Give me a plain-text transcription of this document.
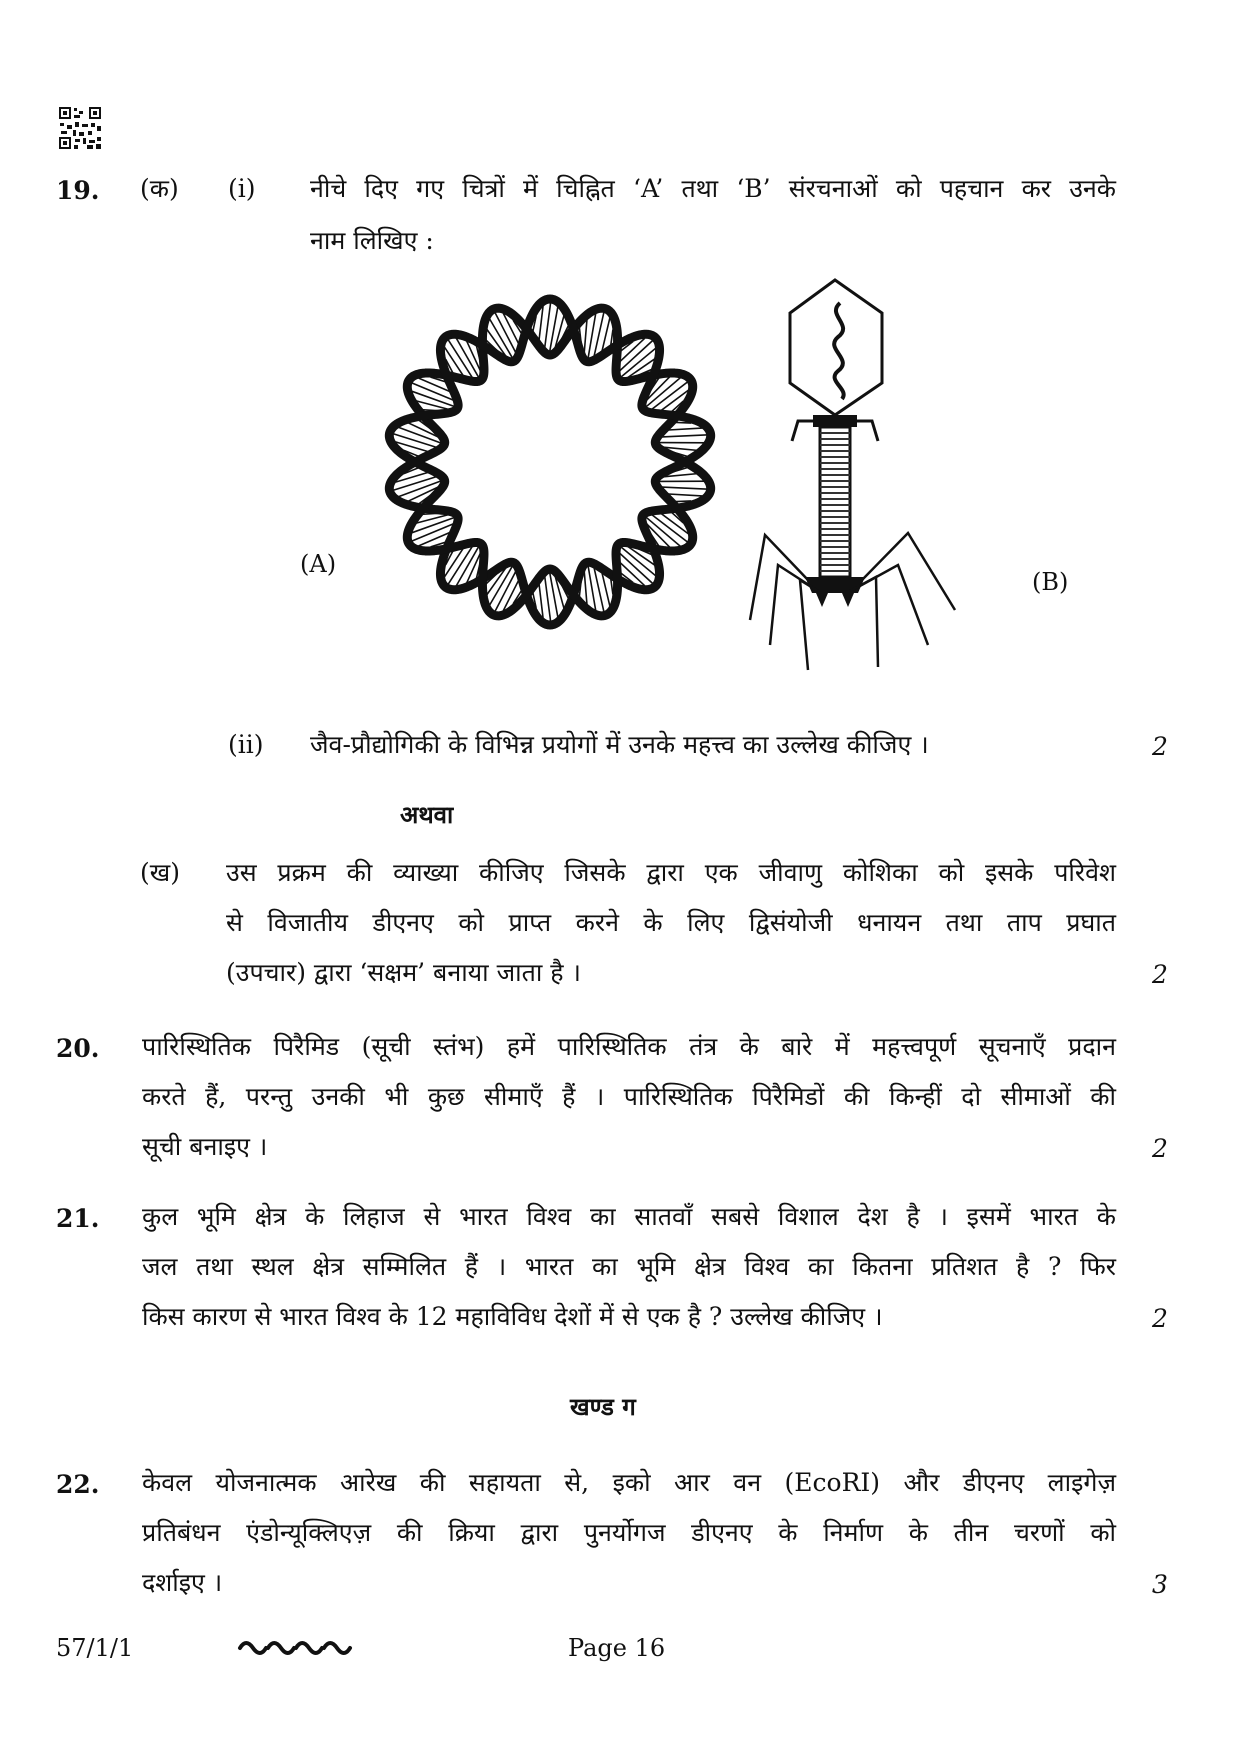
19. (क) (i) नीचे दिए गए चित्रों में चिह्नित ‘A’ तथा ‘B’ संरचनाओं को पहचान कर उनके
नाम लिखिए :
(A)
(B)
(ii) जैव-प्रौद्योगिकी के विभिन्न प्रयोगों में उनके महत्त्व का उल्लेख कीजिए ।	2
अथवा
(ख) उस प्रक्रम की व्याख्या कीजिए जिसके द्वारा एक जीवाणु कोशिका को इसके परिवेश
से विजातीय डीएनए को प्राप्त करने के लिए द्विसंयोजी धनायन तथा ताप प्रघात
(उपचार) द्वारा ‘सक्षम’ बनाया जाता है ।	2
20. पारिस्थितिक पिरैमिड (सूची स्तंभ) हमें पारिस्थितिक तंत्र के बारे में महत्त्वपूर्ण सूचनाएँ प्रदान
करते हैं, परन्तु उनकी भी कुछ सीमाएँ हैं । पारिस्थितिक पिरैमिडों की किन्हीं दो सीमाओं की
सूची बनाइए ।	2
21. कुल भूमि क्षेत्र के लिहाज से भारत विश्व का सातवाँ सबसे विशाल देश है । इसमें भारत के
जल तथा स्थल क्षेत्र सम्मिलित हैं । भारत का भूमि क्षेत्र विश्व का कितना प्रतिशत है ? फिर
किस कारण से भारत विश्व के 12 महाविविध देशों में से एक है ? उल्लेख कीजिए ।	2
खण्ड ग
22. केवल योजनात्मक आरेख की सहायता से, इको आर वन (EcoRI) और डीएनए लाइगेज़
प्रतिबंधन एंडोन्यूक्लिएज़ की क्रिया द्वारा पुनर्योगज डीएनए के निर्माण के तीन चरणों को
दर्शाइए ।	3
57/1/1	Page 16
